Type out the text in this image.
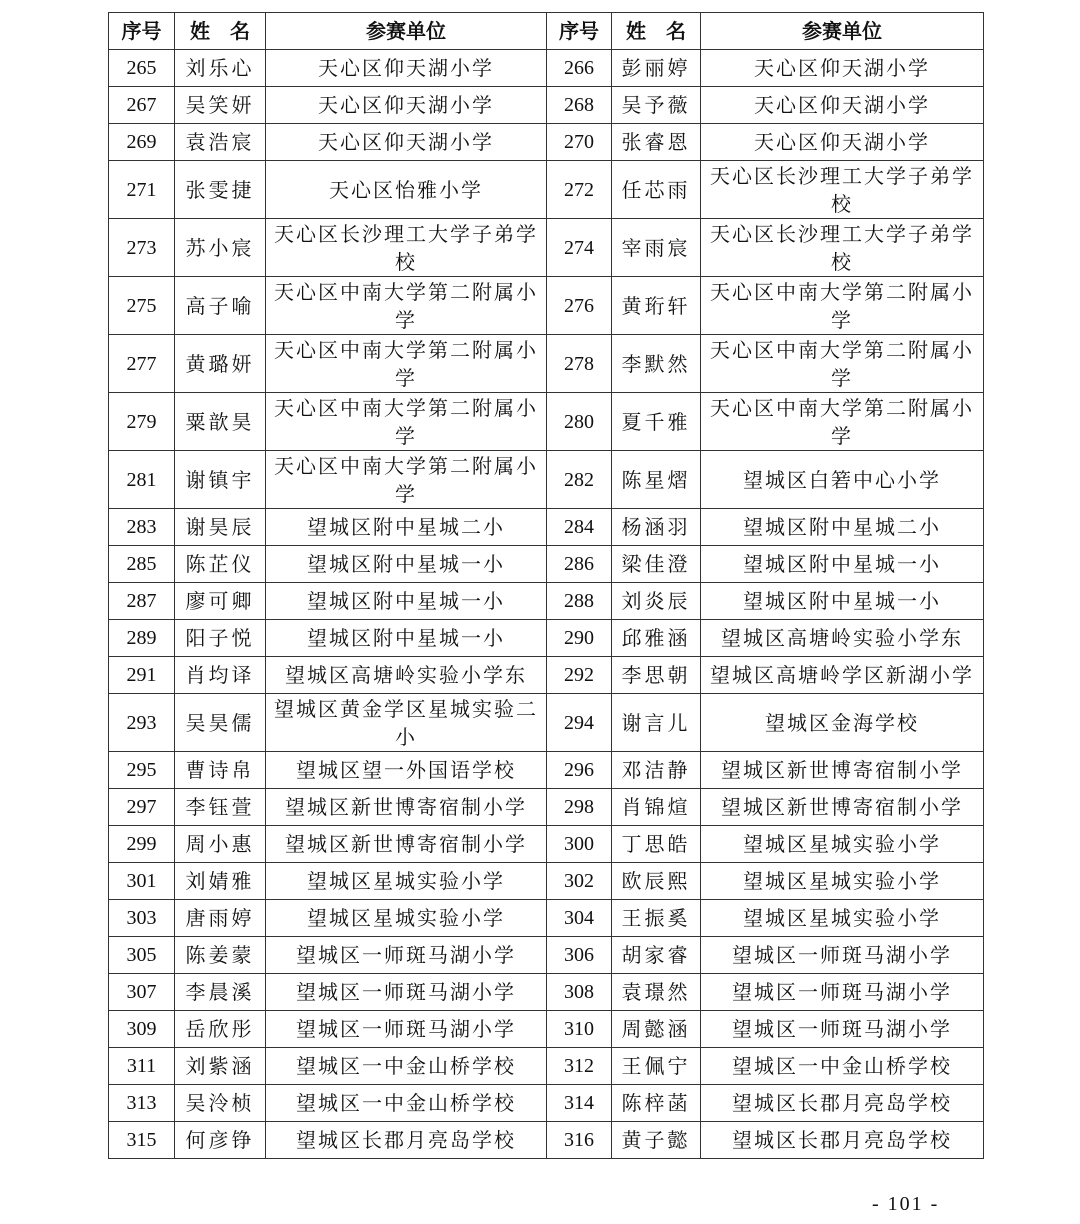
序号	姓　名	参赛单位	序号	姓　名	参赛单位
265	刘乐心	天心区仰天湖小学	266	彭丽婷	天心区仰天湖小学
267	吴笑妍	天心区仰天湖小学	268	吴予薇	天心区仰天湖小学
269	袁浩宸	天心区仰天湖小学	270	张睿恩	天心区仰天湖小学
271	张雯捷	天心区怡雅小学	272	任芯雨	天心区长沙理工大学子弟学校
273	苏小宸	天心区长沙理工大学子弟学校	274	宰雨宸	天心区长沙理工大学子弟学校
275	高子喻	天心区中南大学第二附属小学	276	黄珩轩	天心区中南大学第二附属小学
277	黄璐妍	天心区中南大学第二附属小学	278	李默然	天心区中南大学第二附属小学
279	粟歆昊	天心区中南大学第二附属小学	280	夏千雅	天心区中南大学第二附属小学
281	谢镇宇	天心区中南大学第二附属小学	282	陈星熠	望城区白箬中心小学
283	谢昊辰	望城区附中星城二小	284	杨涵羽	望城区附中星城二小
285	陈芷仪	望城区附中星城一小	286	梁佳澄	望城区附中星城一小
287	廖可卿	望城区附中星城一小	288	刘炎辰	望城区附中星城一小
289	阳子悦	望城区附中星城一小	290	邱雅涵	望城区高塘岭实验小学东
291	肖均译	望城区高塘岭实验小学东	292	李思朝	望城区高塘岭学区新湖小学
293	吴昊儒	望城区黄金学区星城实验二小	294	谢言儿	望城区金海学校
295	曹诗帛	望城区望一外国语学校	296	邓洁静	望城区新世博寄宿制小学
297	李钰萱	望城区新世博寄宿制小学	298	肖锦煊	望城区新世博寄宿制小学
299	周小惠	望城区新世博寄宿制小学	300	丁思皓	望城区星城实验小学
301	刘婧雅	望城区星城实验小学	302	欧辰熙	望城区星城实验小学
303	唐雨婷	望城区星城实验小学	304	王振奚	望城区星城实验小学
305	陈姜蒙	望城区一师斑马湖小学	306	胡家睿	望城区一师斑马湖小学
307	李晨溪	望城区一师斑马湖小学	308	袁璟然	望城区一师斑马湖小学
309	岳欣彤	望城区一师斑马湖小学	310	周懿涵	望城区一师斑马湖小学
311	刘紫涵	望城区一中金山桥学校	312	王佩宁	望城区一中金山桥学校
313	吴泠桢	望城区一中金山桥学校	314	陈梓菡	望城区长郡月亮岛学校
315	何彦铮	望城区长郡月亮岛学校	316	黄子懿	望城区长郡月亮岛学校
- 101 -
